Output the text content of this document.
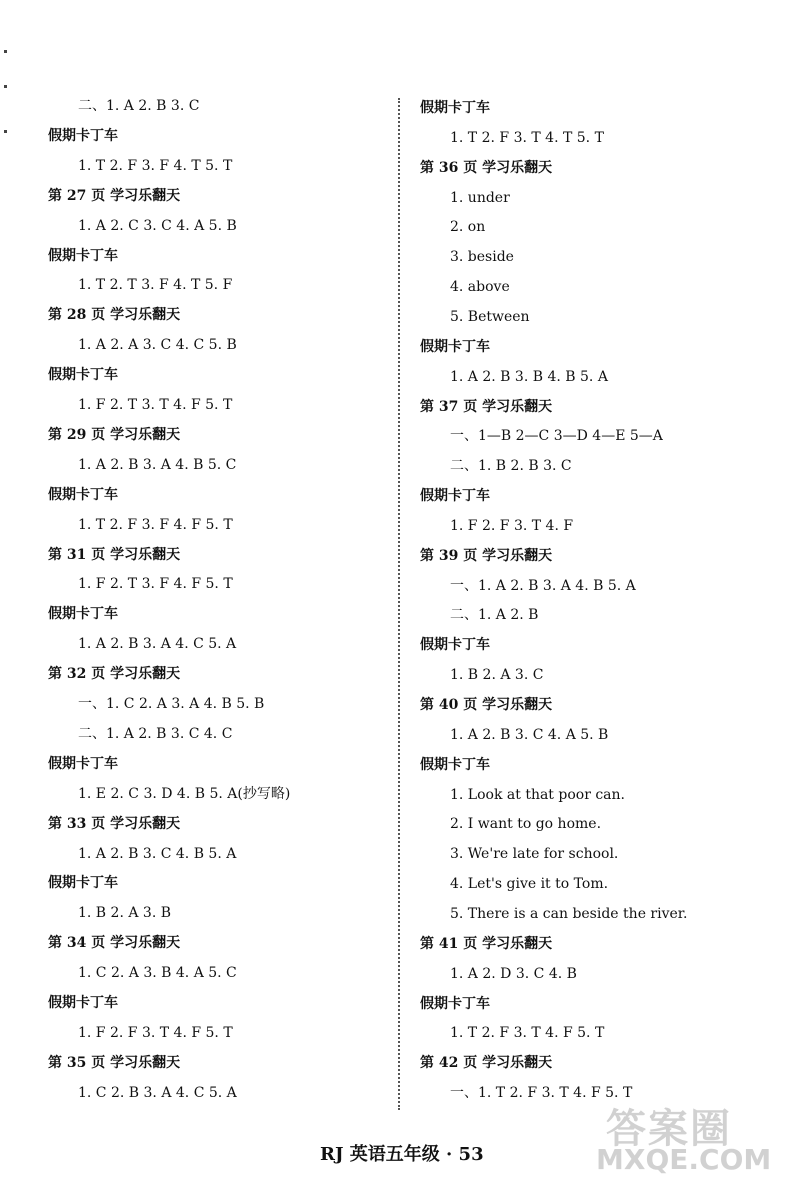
二、1. A 2. B 3. C
假期卡丁车
1. T 2. F 3. F 4. T 5. T
第 27 页 学习乐翻天
1. A 2. C 3. C 4. A 5. B
假期卡丁车
1. T 2. T 3. F 4. T 5. F
第 28 页 学习乐翻天
1. A 2. A 3. C 4. C 5. B
假期卡丁车
1. F 2. T 3. T 4. F 5. T
第 29 页 学习乐翻天
1. A 2. B 3. A 4. B 5. C
假期卡丁车
1. T 2. F 3. F 4. F 5. T
第 31 页 学习乐翻天
1. F 2. T 3. F 4. F 5. T
假期卡丁车
1. A 2. B 3. A 4. C 5. A
第 32 页 学习乐翻天
一、1. C 2. A 3. A 4. B 5. B
二、1. A 2. B 3. C 4. C
假期卡丁车
1. E 2. C 3. D 4. B 5. A(抄写略)
第 33 页 学习乐翻天
1. A 2. B 3. C 4. B 5. A
假期卡丁车
1. B 2. A 3. B
第 34 页 学习乐翻天
1. C 2. A 3. B 4. A 5. C
假期卡丁车
1. F 2. F 3. T 4. F 5. T
第 35 页 学习乐翻天
1. C 2. B 3. A 4. C 5. A
假期卡丁车
1. T 2. F 3. T 4. T 5. T
第 36 页 学习乐翻天
1. under
2. on
3. beside
4. above
5. Between
假期卡丁车
1. A 2. B 3. B 4. B 5. A
第 37 页 学习乐翻天
一、1—B 2—C 3—D 4—E 5—A
二、1. B 2. B 3. C
假期卡丁车
1. F 2. F 3. T 4. F
第 39 页 学习乐翻天
一、1. A 2. B 3. A 4. B 5. A
二、1. A 2. B
假期卡丁车
1. B 2. A 3. C
第 40 页 学习乐翻天
1. A 2. B 3. C 4. A 5. B
假期卡丁车
1. Look at that poor can.
2. I want to go home.
3. We're late for school.
4. Let's give it to Tom.
5. There is a can beside the river.
第 41 页 学习乐翻天
1. A 2. D 3. C 4. B
假期卡丁车
1. T 2. F 3. T 4. F 5. T
第 42 页 学习乐翻天
一、1. T 2. F 3. T 4. F 5. T
RJ 英语五年级 · 53
答案圈
MXQE.COM
